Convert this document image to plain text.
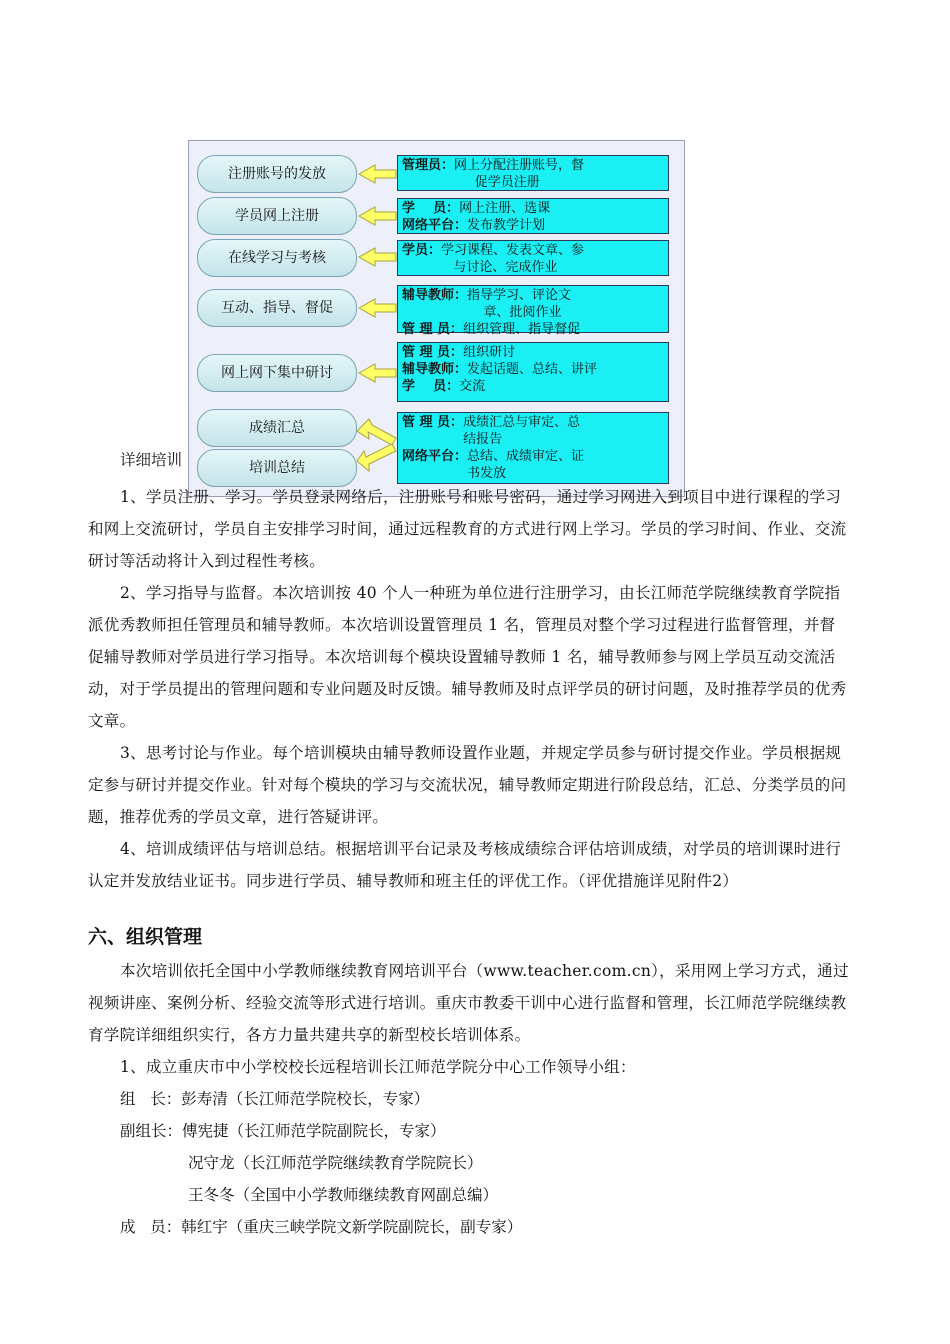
详细培训

注册账号的发放
学员网上注册
在线学习与考核
互动、指导、督促
网上网下集中研讨
成绩汇总
培训总结
管理员： 网上分配注册账号，督
促学员注册
学    员： 网上注册、选课
网络平台： 发布教学计划
学员： 学习课程、发表文章、参
与讨论、完成作业
辅导教师： 指导学习、评论文
章、批阅作业
管 理 员： 组织管理、指导督促
管 理 员： 组织研讨
辅导教师： 发起话题、总结、讲评
学    员： 交流
管 理 员： 成绩汇总与审定、总
结报告
网络平台： 总结、成绩审定、证
书发放

1、学员注册、学习。学员登录网络后，注册账号和账号密码，通过学习网进入到项目中进行课程的学习和网上交流研讨，学员自主安排学习时间，通过远程教育的方式进行网上学习。学员的学习时间、作业、交流研讨等活动将计入到过程性考核。

2、学习指导与监督。本次培训按 40 个人一种班为单位进行注册学习，由长江师范学院继续教育学院指派优秀教师担任管理员和辅导教师。本次培训设置管理员 1 名，管理员对整个学习过程进行监督管理，并督促辅导教师对学员进行学习指导。本次培训每个模块设置辅导教师 1 名，辅导教师参与网上学员互动交流活动，对于学员提出的管理问题和专业问题及时反馈。辅导教师及时点评学员的研讨问题，及时推荐学员的优秀文章。

3、思考讨论与作业。每个培训模块由辅导教师设置作业题，并规定学员参与研讨提交作业。学员根据规定参与研讨并提交作业。针对每个模块的学习与交流状况，辅导教师定期进行阶段总结，汇总、分类学员的问题，推荐优秀的学员文章，进行答疑讲评。

4、培训成绩评估与培训总结。根据培训平台记录及考核成绩综合评估培训成绩，对学员的培训课时进行认定并发放结业证书。同步进行学员、辅导教师和班主任的评优工作。（评优措施详见附件2）

六、组织管理

本次培训依托全国中小学教师继续教育网培训平台（www.teacher.com.cn），采用网上学习方式，通过视频讲座、案例分析、经验交流等形式进行培训。重庆市教委干训中心进行监督和管理，长江师范学院继续教育学院详细组织实行，各方力量共建共享的新型校长培训体系。

1、成立重庆市中小学校校长远程培训长江师范学院分中心工作领导小组：

组   长：彭寿清（长江师范学院校长，专家）

副组长：傅宪捷（长江师范学院副院长，专家）

况守龙（长江师范学院继续教育学院院长）

王冬冬（全国中小学教师继续教育网副总编）

成   员：韩红宇（重庆三峡学院文新学院副院长，副专家）
